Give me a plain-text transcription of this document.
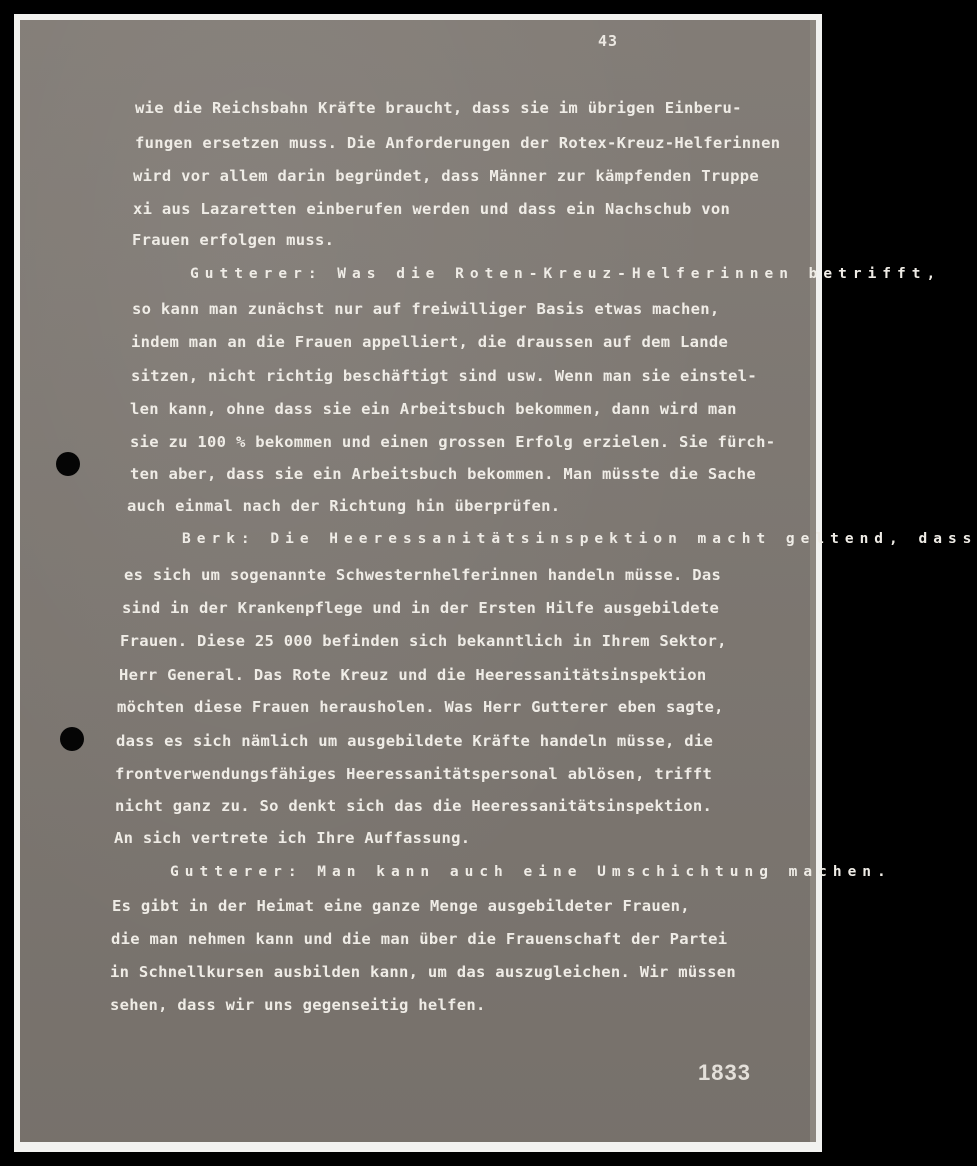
43
wie die Reichsbahn Kräfte braucht, dass sie im übrigen Einberu-
fungen ersetzen muss. Die Anforderungen der Rotex-Kreuz-Helferinnen
wird vor allem darin begründet, dass Männer zur kämpfenden Truppe
xi aus Lazaretten einberufen werden und dass ein Nachschub von
Frauen erfolgen muss.
Gutterer: Was die Roten-Kreuz-Helferinnen betrifft,
so kann man zunächst nur auf freiwilliger Basis etwas machen,
indem man an die Frauen appelliert, die draussen auf dem Lande
sitzen, nicht richtig beschäftigt sind usw. Wenn man sie einstel-
len kann, ohne dass sie ein Arbeitsbuch bekommen, dann wird man
sie zu 100 % bekommen und einen grossen Erfolg erzielen. Sie fürch-
ten aber, dass sie ein Arbeitsbuch bekommen. Man müsste die Sache
auch einmal nach der Richtung hin überprüfen.
Berk: Die Heeressanitätsinspektion macht geltend, dass
es sich um sogenannte Schwesternhelferinnen handeln müsse. Das
sind in der Krankenpflege und in der Ersten Hilfe ausgebildete
Frauen. Diese 25 000 befinden sich bekanntlich in Ihrem Sektor,
Herr General. Das Rote Kreuz und die Heeressanitätsinspektion
möchten diese Frauen herausholen. Was Herr Gutterer eben sagte,
dass es sich nämlich um ausgebildete Kräfte handeln müsse, die
frontverwendungsfähiges Heeressanitätspersonal ablösen, trifft
nicht ganz zu. So denkt sich das die Heeressanitätsinspektion.
An sich vertrete ich Ihre Auffassung.
Gutterer: Man kann auch eine Umschichtung machen.
Es gibt in der Heimat eine ganze Menge ausgebildeter Frauen,
die man nehmen kann und die man über die Frauenschaft der Partei
in Schnellkursen ausbilden kann, um das auszugleichen. Wir müssen
sehen, dass wir uns gegenseitig helfen.
1833
